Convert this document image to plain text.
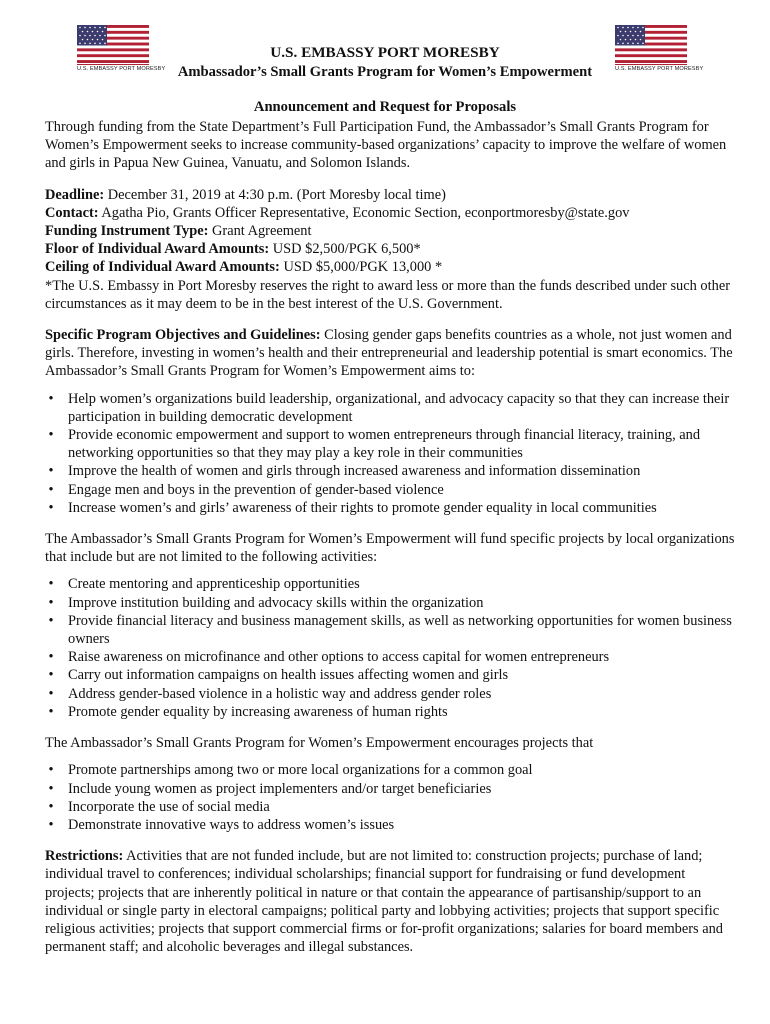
U.S. EMBASSY PORT MORESBY	U.S. EMBASSY PORT MORESBY
U.S. EMBASSY PORT MORESBY
Ambassador’s Small Grants Program for Women’s Empowerment
Announcement and Request for Proposals

Through funding from the State Department’s Full Participation Fund, the Ambassador’s Small Grants Program for Women’s Empowerment seeks to increase community-based organizations’ capacity to improve the welfare of women and girls in Papua New Guinea, Vanuatu, and Solomon Islands.

Deadline: December 31, 2019 at 4:30 p.m. (Port Moresby local time)

Contact: Agatha Pio, Grants Officer Representative, Economic Section, econportmoresby@state.gov

Funding Instrument Type: Grant Agreement

Floor of Individual Award Amounts: USD $2,500/PGK 6,500*

Ceiling of Individual Award Amounts: USD $5,000/PGK 13,000 *

*The U.S. Embassy in Port Moresby reserves the right to award less or more than the funds described under such other circumstances as it may deem to be in the best interest of the U.S. Government.

Specific Program Objectives and Guidelines: Closing gender gaps benefits countries as a whole, not just women and girls. Therefore, investing in women’s health and their entrepreneurial and leadership potential is smart economics. The Ambassador’s Small Grants Program for Women’s Empowerment aims to:

• Help women’s organizations build leadership, organizational, and advocacy capacity so that they can increase their participation in building democratic development
• Provide economic empowerment and support to women entrepreneurs through financial literacy, training, and networking opportunities so that they may play a key role in their communities
• Improve the health of women and girls through increased awareness and information dissemination
• Engage men and boys in the prevention of gender-based violence
• Increase women’s and girls’ awareness of their rights to promote gender equality in local communities

The Ambassador’s Small Grants Program for Women’s Empowerment will fund specific projects by local organizations that include but are not limited to the following activities:

• Create mentoring and apprenticeship opportunities
• Improve institution building and advocacy skills within the organization
• Provide financial literacy and business management skills, as well as networking opportunities for women business owners
• Raise awareness on microfinance and other options to access capital for women entrepreneurs
• Carry out information campaigns on health issues affecting women and girls
• Address gender-based violence in a holistic way and address gender roles
• Promote gender equality by increasing awareness of human rights

The Ambassador’s Small Grants Program for Women’s Empowerment encourages projects that

• Promote partnerships among two or more local organizations for a common goal
• Include young women as project implementers and/or target beneficiaries
• Incorporate the use of social media
• Demonstrate innovative ways to address women’s issues

Restrictions: Activities that are not funded include, but are not limited to: construction projects; purchase of land; individual travel to conferences; individual scholarships; financial support for fundraising or fund development projects; projects that are inherently political in nature or that contain the appearance of partisanship/support to an individual or single party in electoral campaigns; political party and lobbying activities; projects that support specific religious activities; projects that support commercial firms or for-profit organizations; salaries for board members and permanent staff; and alcoholic beverages and illegal substances.
